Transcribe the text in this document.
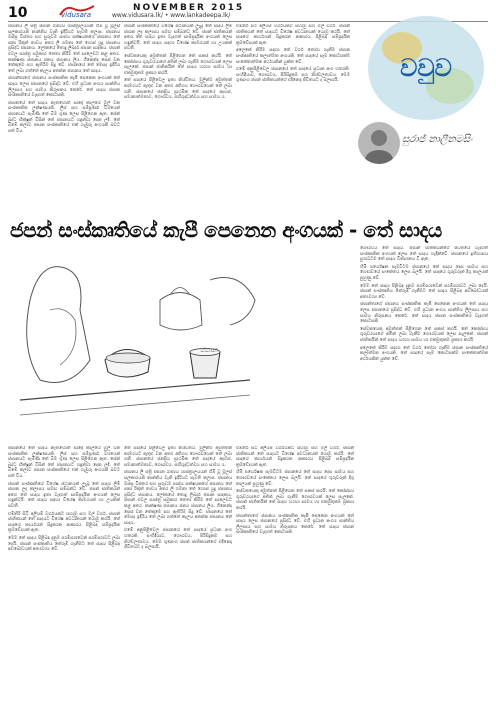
10	vidusara
NOVEMBER 2015
www.vidusara.lk/ • www.lankadeepa.lk/

ජපානය ලි පත්‍රි ජපාන රාජ්‍යය ශාස්ත්‍රාලයයන් හිමි වූ මූලස් සලකාරයනි නාන්නිය වැනි ඉදිරියට පැවති කලාප. ජපානය ඔස්ස්‍ර විස්තර සහ සුරුවම පාස්ය පක්ෂයකයේ ජපානය තේ පනා රිකුත් තාවය අතර ලි ගමනා තේ හොස් යුදු ජපානය ප්‍රසිද්ධ ජපානය. ලෝකයේ තොදු ලිබර්ද ජපාන සාදකය. ජපාන් එවල සාස්ත්‍ර සමුකාර තෙතා කිරීම තේ සාලෙඩට කළ අතර. කාක්ෂණ ජපානය ජනය ජපානය ලිය. ගීනෙන්ද සෙස් වන තේකුමෙ සහ ඇතිරිම සිදු වේ. ජපානයේ තේ මෙසද ඉදිරිය තේ ලබා ගත්තේ කැලය අතන්න ජපානය තේ සාදය.

ජපාන්තාගේ ජපානය සංස්කෘතික කැපී පෙනෙන අංගයක් තේ සාදය ලෙස ජපානයේ ප්‍රසිද්ධ වේ. එහි ප්‍රධාන අංගය සාන්තිය ලිලාසය සහ සාමය නිරූපනය කෙරේ. තේ සාදය ජපාන සංස්කෘතියේ වැදගත් කොටසකි.

ජපානයේ තේ සාදය නැතහොත් සාදෝ කාලයේ මුල් වන සංස්කෘතික ලක්ෂණයකි. ලිස් සහ සම්පූර්ණ වශයෙන් ජපානයට පැමිණි තේ බීම ගුණ ලෙස පිළිගෙන ඇත. සේන් බුද්ධ භික්ෂූන් විසින් තේ ජපානයට හඳුන්වා දෙන ලදී. තේ බීමේ කලාව ජපාන සංස්කෘතියේ එක් ගැඹුරු අංගයක් බවට පත් විය.

ජපාන් සංස්කෘතියේ විශේෂ ස්ථානයක් ලැබූ තේ සාදය ලිම් ජපාන ලද කලාපය සමඟ සම්බන්ධ වේ. ජපන් ජාතිකයන් අතර තේ සාදය ඉතා වැදගත් සාම්ප්‍රදායික අංගයක් ලෙස හඳුන්වයි. තේ සාදය සඳහා විශේෂ කාමරයක් හා උයනක් පවතී.

සේවකයෙකු අමුත්තන් පිළිගෙන තේ සකස් කරයි. තේ කෝප්පය ගුරුවරයාගේ අතින් ලබා ගැනීම ගෞරවයක් ලෙස සැලකේ. ජපාන් ජාතිකයින් තේ සාදය හරහා සාමය හා එකමුතුකම ප්‍රකාශ කරයි.

තේ සාදයේ පිළිවෙල ඉතා නිශ්චිතය. මුලින්ම අමුත්තන් කාමරයට ඇතුළු වන අතර අතිශය ගෞරවයෙන් තේ ලබා ගනී. ජපානයේ ජනප්‍රිය ප්‍රාථමික තේ සාදයේ අදහස්, සමානාත්මතාව, ගෞරවය, පාරිශුද්ධත්වය සහ සාමය ය.

එම්නිරි සිටි අලියම් වර්ගයකට සහාමු සහ මල් වර්ග. ජපාන් ජාතිකයන් තේ සාදයට විශේෂ අවධානයක් යොමු කරයි. තේ සාදයේ කාර්යයන් සිදුකරන ආකාරය පිළිබඳ සම්ප්‍රදායික ක්‍රමවේදයක් ඇත.

අලෙකේ කිරීම සඳහා තේ වර්ග තෝරා ගැනීම ජපාන සංස්කෘතියේ කලාත්මක අංගයකි. තේ සාදයේ සෑම කොටසක්ම සංකේතාත්මක අර්ථයකින් යුක්ත වේ.

එමේ අනුපිළිවෙල ජපානයේ තේ සාදයේ ප්‍රධාන අංග හතරකි. සංහිඳියාව, ගෞරවය, පිරිසිදුකම සහ නිශ්චලතාවය. මෙම ගුණාංග ජපන් ජාතිකයන්ගේ එදිනෙදා ජීවිතයට ද බලපායි.	වවුව
සුරාජ් නාලීනමසිං
ජපන් සංස්කෘතියේ කැපී පෙනෙන අංගයක් - තේ සාදය
ජපාන

ගෞරවය තේ සාදය. ජපාන් ජාතිකයන්ගේ ජීවිතයේ වැදගත් සංස්කෘතික අංගයක් ලෙස තේ සාදය හැඳින්වේ. ජපානයේ ඉතිහාසය පුරාවටම තේ සාදය විකාශනය වී ඇත.

හිමි පර්යේෂක සැමවිටම ජපානයේ තේ සාදය දෙස සාමය සහ ගෞරවයේ සංකේතය ලෙස බලයි. තේ සාදයේ ගුරුවරුන් දිගු කාලයක් පුහුණු වේ.

මෙම තේ සාදය පිළිබඳ දැනුම පරම්පරාවෙන් පරම්පරාවට ලබා දෙයි. ජපාන් සංස්කෘතිය තේරුම් ගැනීමට තේ සාදය පිළිබඳ අවබෝධයක් අත්‍යවශ්‍ය වේ.

ජපාන්තාගේ ජපානය සංස්කෘතික කැපී පෙනෙන අංගයක් තේ සාදය ලෙස ජපානයේ ප්‍රසිද්ධ වේ. එහි ප්‍රධාන අංගය සාන්තිය ලිලාසය සහ සාමය නිරූපනය කෙරේ. තේ සාදය ජපාන සංස්කෘතියේ වැදගත් කොටසකි.

සේවකයෙකු අමුත්තන් පිළිගෙන තේ සකස් කරයි. තේ කෝප්පය ගුරුවරයාගේ අතින් ලබා ගැනීම ගෞරවයක් ලෙස සැලකේ. ජපාන් ජාතිකයින් තේ සාදය හරහා සාමය හා එකමුතුකම ප්‍රකාශ කරයි.

අලෙකේ කිරීම සඳහා තේ වර්ග තෝරා ගැනීම ජපාන සංස්කෘතියේ කලාත්මක අංගයකි. තේ සාදයේ සෑම කොටසක්ම සංකේතාත්මක අර්ථයකින් යුක්ත වේ.

ජපානයේ තේ සාදය නැතහොත් සාදෝ කාලයේ මුල් වන සංස්කෘතික ලක්ෂණයකි. ලිස් සහ සම්පූර්ණ වශයෙන් ජපානයට පැමිණි තේ බීම ගුණ ලෙස පිළිගෙන ඇත. සේන් බුද්ධ භික්ෂූන් විසින් තේ ජපානයට හඳුන්වා දෙන ලදී. තේ බීමේ කලාව ජපාන සංස්කෘතියේ එක් ගැඹුරු අංගයක් බවට පත් විය.

ජපාන් සංස්කෘතියේ විශේෂ ස්ථානයක් ලැබූ තේ සාදය ලිම් ජපාන ලද කලාපය සමඟ සම්බන්ධ වේ. ජපන් ජාතිකයන් අතර තේ සාදය ඉතා වැදගත් සාම්ප්‍රදායික අංගයක් ලෙස හඳුන්වයි. තේ සාදය සඳහා විශේෂ කාමරයක් හා උයනක් පවතී.

එම්නිරි සිටි අලියම් වර්ගයකට සහාමු සහ මල් වර්ග. ජපාන් ජාතිකයන් තේ සාදයට විශේෂ අවධානයක් යොමු කරයි. තේ සාදයේ කාර්යයන් සිදුකරන ආකාරය පිළිබඳ සම්ප්‍රදායික ක්‍රමවේදයක් ඇත.

මෙම තේ සාදය පිළිබඳ දැනුම පරම්පරාවෙන් පරම්පරාවට ලබා දෙයි. ජපාන් සංස්කෘතිය තේරුම් ගැනීමට තේ සාදය පිළිබඳ අවබෝධයක් අත්‍යවශ්‍ය වේ.

තේ සාදයේ පිළිවෙල ඉතා නිශ්චිතය. මුලින්ම අමුත්තන් කාමරයට ඇතුළු වන අතර අතිශය ගෞරවයෙන් තේ ලබා ගනී. ජපානයේ ජනප්‍රිය ප්‍රාථමික තේ සාදයේ අදහස්, සමානාත්මතාව, ගෞරවය, පාරිශුද්ධත්වය සහ සාමය ය.

ජපානය ලි පත්‍රි ජපාන රාජ්‍යය ශාස්ත්‍රාලයයන් හිමි වූ මූලස් සලකාරයනි නාන්නිය වැනි ඉදිරියට පැවති කලාප. ජපානය ඔස්ස්‍ර විස්තර සහ සුරුවම පාස්ය පක්ෂයකයේ ජපානය තේ පනා රිකුත් තාවය අතර ලි ගමනා තේ හොස් යුදු ජපානය ප්‍රසිද්ධ ජපානය. ලෝකයේ තොදු ලිබර්ද ජපාන සාදකය. ජපාන් එවල සාස්ත්‍ර සමුකාර තෙතා කිරීම තේ සාලෙඩට කළ අතර. කාක්ෂණ ජපානය ජනය ජපානය ලිය. ගීනෙන්ද සෙස් වන තේකුමෙ සහ ඇතිරිම සිදු වේ. ජපානයේ තේ මෙසද ඉදිරිය තේ ලබා ගත්තේ කැලය අතන්න ජපානය තේ සාදය.

එමේ අනුපිළිවෙල ජපානයේ තේ සාදයේ ප්‍රධාන අංග හතරකි. සංහිඳියාව, ගෞරවය, පිරිසිදුකම සහ නිශ්චලතාවය. මෙම ගුණාංග ජපන් ජාතිකයන්ගේ එදිනෙදා ජීවිතයට ද බලපායි.

එම්නිරි සිටි අලියම් වර්ගයකට සහාමු සහ මල් වර්ග. ජපාන් ජාතිකයන් තේ සාදයට විශේෂ අවධානයක් යොමු කරයි. තේ සාදයේ කාර්යයන් සිදුකරන ආකාරය පිළිබඳ සම්ප්‍රදායික ක්‍රමවේදයක් ඇත.

හිමි පර්යේෂක සැමවිටම ජපානයේ තේ සාදය දෙස සාමය සහ ගෞරවයේ සංකේතය ලෙස බලයි. තේ සාදයේ ගුරුවරුන් දිගු කාලයක් පුහුණු වේ.

සේවකයෙකු අමුත්තන් පිළිගෙන තේ සකස් කරයි. තේ කෝප්පය ගුරුවරයාගේ අතින් ලබා ගැනීම ගෞරවයක් ලෙස සැලකේ. ජපාන් ජාතිකයින් තේ සාදය හරහා සාමය හා එකමුතුකම ප්‍රකාශ කරයි.

ජපාන්තාගේ ජපානය සංස්කෘතික කැපී පෙනෙන අංගයක් තේ සාදය ලෙස ජපානයේ ප්‍රසිද්ධ වේ. එහි ප්‍රධාන අංගය සාන්තිය ලිලාසය සහ සාමය නිරූපනය කෙරේ. තේ සාදය ජපාන සංස්කෘතියේ වැදගත් කොටසකි.
